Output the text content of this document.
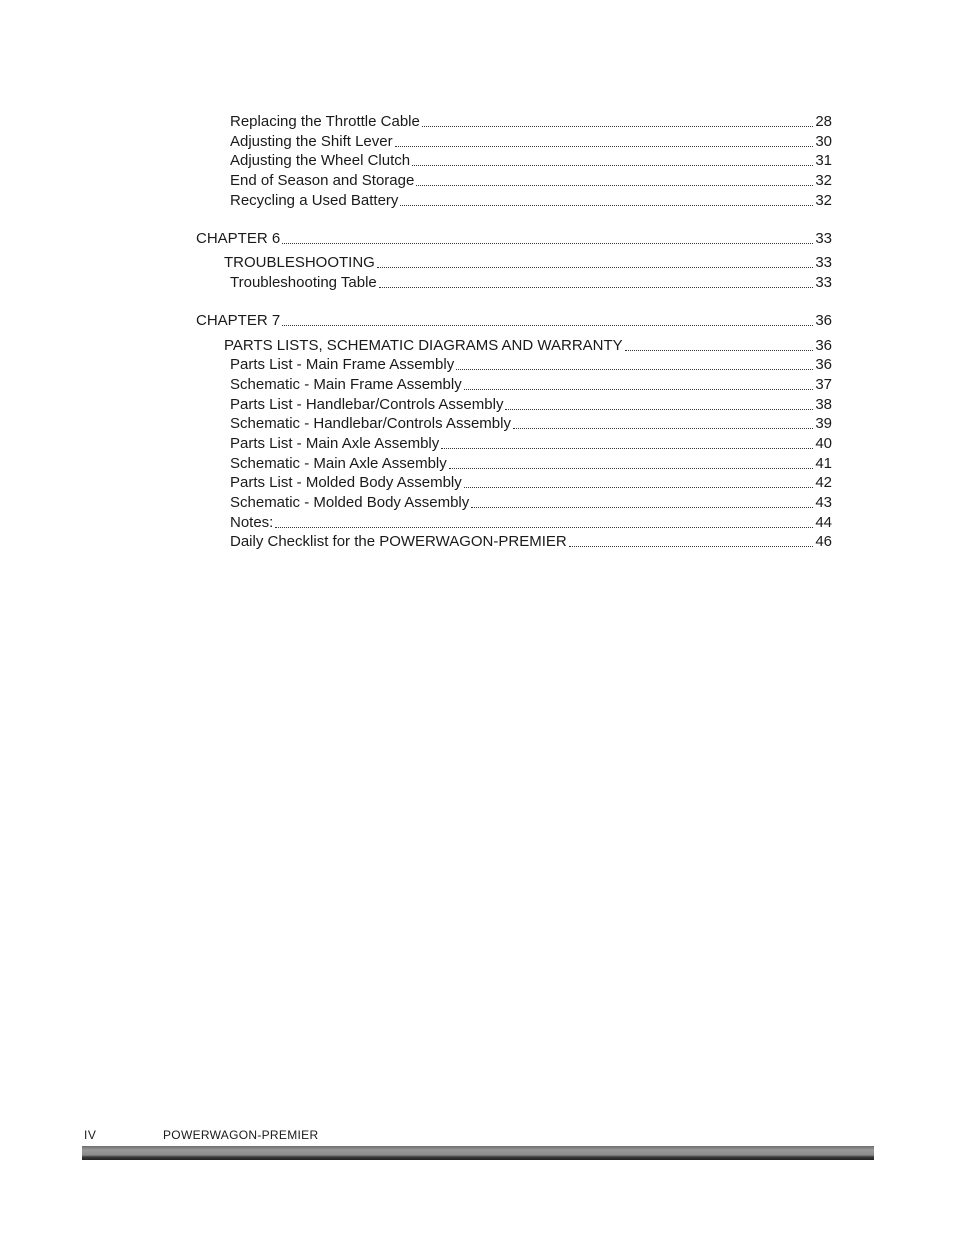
Replacing the Throttle Cable	28
Adjusting the Shift Lever	30
Adjusting the Wheel Clutch	31
End of Season and Storage	32
Recycling a Used Battery	32
CHAPTER 6	33
TROUBLESHOOTING	33
Troubleshooting Table	33
CHAPTER 7	36
PARTS LISTS, SCHEMATIC DIAGRAMS AND WARRANTY	36
Parts List - Main Frame Assembly	36
Schematic - Main Frame Assembly	37
Parts List - Handlebar/Controls Assembly	38
Schematic - Handlebar/Controls Assembly	39
Parts List - Main Axle Assembly	40
Schematic - Main Axle Assembly	41
Parts List - Molded Body Assembly	42
Schematic - Molded Body Assembly	43
Notes:	44
Daily Checklist for the POWERWAGON-PREMIER	46
IV	POWERWAGON-PREMIER
